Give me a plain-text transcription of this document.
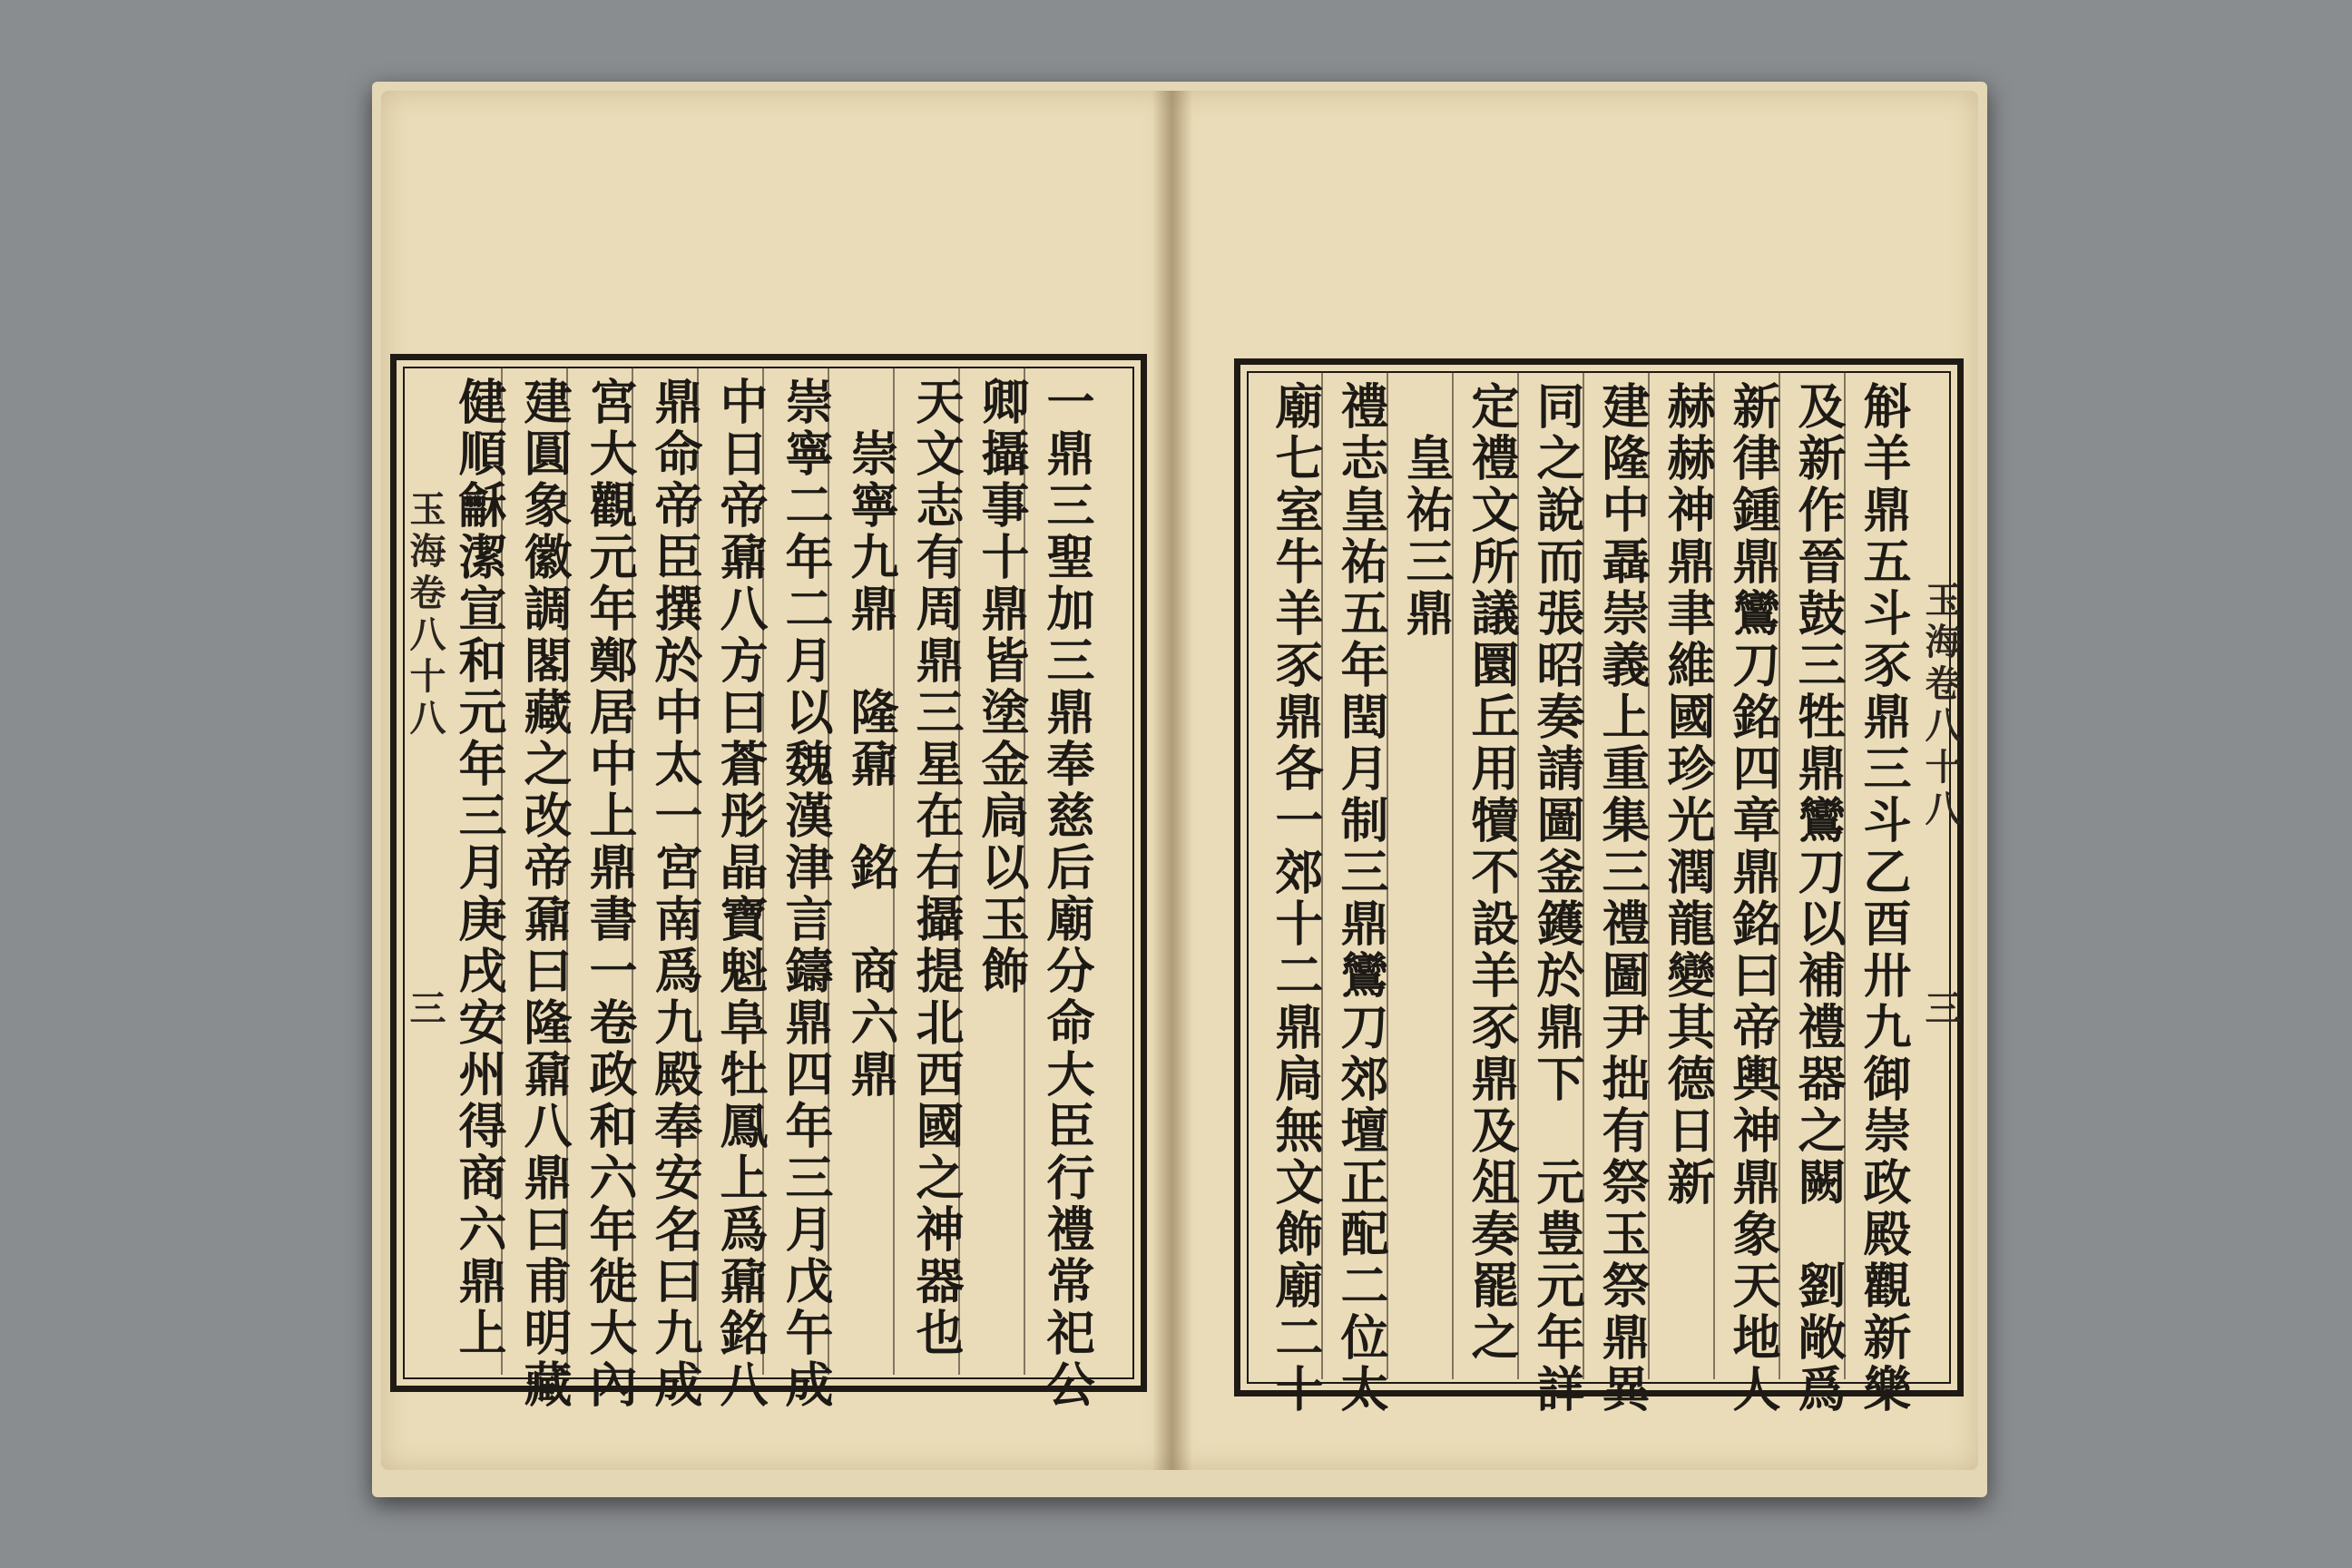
玉海卷八十八
三
玉海卷八十八
三
一鼎三聖加三鼎奉慈后廟分命大臣行禮常祀公
卿攝事十鼎皆塗金扃以玉飾
天文志有周鼎三星在右攝提北西國之神器也
　崇寧九鼎　隆鼐　銘　商六鼎
崇寧二年二月以魏漢津言鑄鼎四年三月戊午成
中日帝鼐八方曰蒼彤晶寶魁阜牡鳳上爲鼐銘八
鼎命帝臣撰於中太一宮南爲九殿奉安名曰九成
宮大觀元年鄭居中上鼎書一卷政和六年徙大內
建圓象徽調閣藏之改帝鼐曰隆鼐八鼎曰甫明藏
健順龢潔宣和元年三月庚戌安州得商六鼎上	斛羊鼎五斗豕鼎三斗乙酉卅九御崇政殿觀新樂
及新作晉鼓三牲鼎鸞刀以補禮器之闕　劉敞爲
新律鍾鼎鸞刀銘四章鼎銘曰帝輿神鼎象天地人
赫赫神鼎聿維國珍光潤龍變其德日新
建隆中聶崇義上重集三禮圖尹拙有祭玉祭鼎異
同之說而張昭奏請圖釜鑊於鼎下　元豊元年詳
定禮文所議圜丘用犢不設羊豕鼎及俎奏罷之
　皇祐三鼎
禮志皇祐五年閏月制三鼎鸞刀郊壇正配二位太
廟七室牛羊豕鼎各一郊十二鼎扃無文飾廟二十
